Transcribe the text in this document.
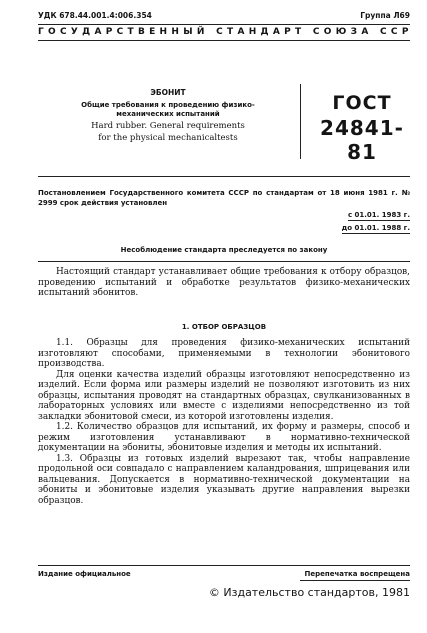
УДК 678.44.001.4:006.354	Группа Л69
ГОСУДАРСТВЕННЫЙ СТАНДАРТ СОЮЗА ССР
ЭБОНИТ
Общие требования к проведению физико-
механических испытаний
Hard rubber. General requirements
for the physical mechanicaltests
ГОСТ
24841-81
Постановлением Государственного комитета СССР по стандартам от 18 июня 1981 г. № 2999 срок действия установлен
с 01.01. 1983 г.
до 01.01. 1988 г.
Несоблюдение стандарта преследуется по закону

Настоящий стандарт устанавливает общие требования к отбору образцов, проведению испытаний и обработке результатов физико-механических испытаний эбонитов.

1. ОТБОР ОБРАЗЦОВ

1.1. Образцы для проведения физико-механических испытаний изготовляют способами, применяемыми в технологии эбонитового производства.

Для оценки качества изделий образцы изготовляют непосредственно из изделий. Если форма или размеры изделий не позволяют изготовить из них образцы, испытания проводят на стандартных образцах, свулканизованных в лабораторных условиях или вместе с изделиями непосредственно из той закладки эбонитовой смеси, из которой изготовлены изделия.

1.2. Количество образцов для испытаний, их форму и размеры, способ и режим изготовления устанавливают в нормативно-технической документации на эбониты, эбонитовые изделия и методы их испытаний.

1.3. Образцы из готовых изделий вырезают так, чтобы направление продольной оси совпадало с направлением каландрования, шприцевания или вальцевания. Допускается в нормативно-технической документации на эбониты и эбонитовые изделия указывать другие направления вырезки образцов.

Издание официальное	Перепечатка воспрещена
© Издательство стандартов, 1981
